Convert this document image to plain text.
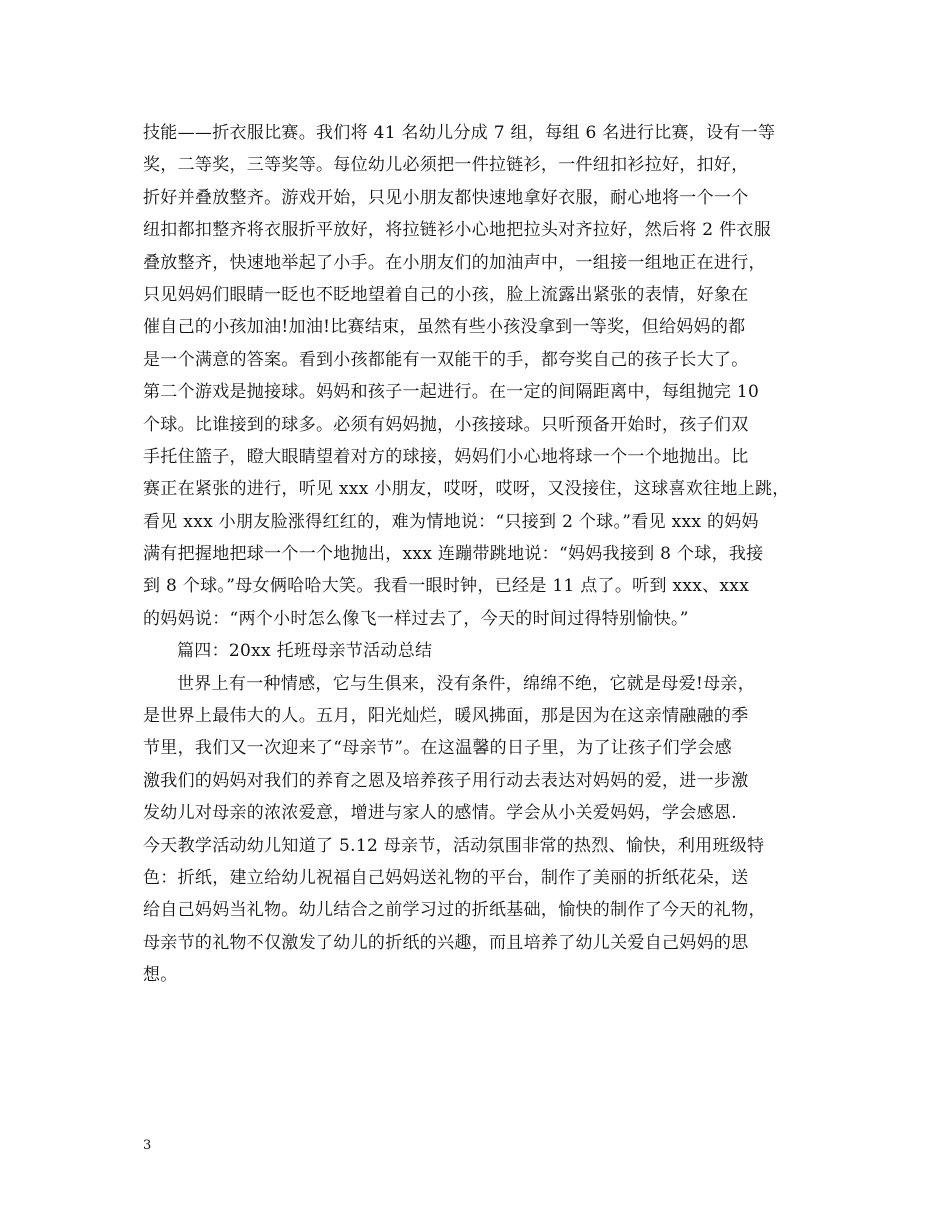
技能——折衣服比赛。我们将 41 名幼儿分成 7 组，每组 6 名进行比赛，设有一等
奖，二等奖，三等奖等。每位幼儿必须把一件拉链衫，一件纽扣衫拉好，扣好，
折好并叠放整齐。游戏开始，只见小朋友都快速地拿好衣服，耐心地将一个一个
纽扣都扣整齐将衣服折平放好，将拉链衫小心地把拉头对齐拉好，然后将 2 件衣服
叠放整齐，快速地举起了小手。在小朋友们的加油声中，一组接一组地正在进行，
只见妈妈们眼睛一眨也不眨地望着自己的小孩，脸上流露出紧张的表情，好象在
催自己的小孩加油!加油!比赛结束，虽然有些小孩没拿到一等奖，但给妈妈的都
是一个满意的答案。看到小孩都能有一双能干的手，都夸奖自己的孩子长大了。
第二个游戏是抛接球。妈妈和孩子一起进行。在一定的间隔距离中，每组抛完 10
个球。比谁接到的球多。必须有妈妈抛，小孩接球。只听预备开始时，孩子们双
手托住篮子，瞪大眼睛望着对方的球接，妈妈们小心地将球一个一个地抛出。比
赛正在紧张的进行，听见 xxx 小朋友，哎呀，哎呀，又没接住，这球喜欢往地上跳，
看见 xxx 小朋友脸涨得红红的，难为情地说：“只接到 2 个球。”看见 xxx 的妈妈
满有把握地把球一个一个地抛出，xxx 连蹦带跳地说：“妈妈我接到 8 个球，我接
到 8 个球。”母女俩哈哈大笑。我看一眼时钟，已经是 11 点了。听到 xxx、xxx
的妈妈说：“两个小时怎么像飞一样过去了，今天的时间过得特别愉快。”
篇四：20xx 托班母亲节活动总结
世界上有一种情感，它与生俱来，没有条件，绵绵不绝，它就是母爱!母亲，
是世界上最伟大的人。五月，阳光灿烂，暖风拂面，那是因为在这亲情融融的季
节里，我们又一次迎来了“母亲节”。在这温馨的日子里，为了让孩子们学会感
激我们的妈妈对我们的养育之恩及培养孩子用行动去表达对妈妈的爱，进一步激
发幼儿对母亲的浓浓爱意，增进与家人的感情。学会从小关爱妈妈，学会感恩.
今天教学活动幼儿知道了 5.12 母亲节，活动氛围非常的热烈、愉快，利用班级特
色：折纸，建立给幼儿祝福自己妈妈送礼物的平台，制作了美丽的折纸花朵，送
给自己妈妈当礼物。幼儿结合之前学习过的折纸基础，愉快的制作了今天的礼物，
母亲节的礼物不仅激发了幼儿的折纸的兴趣，而且培养了幼儿关爱自己妈妈的思
想。
3
